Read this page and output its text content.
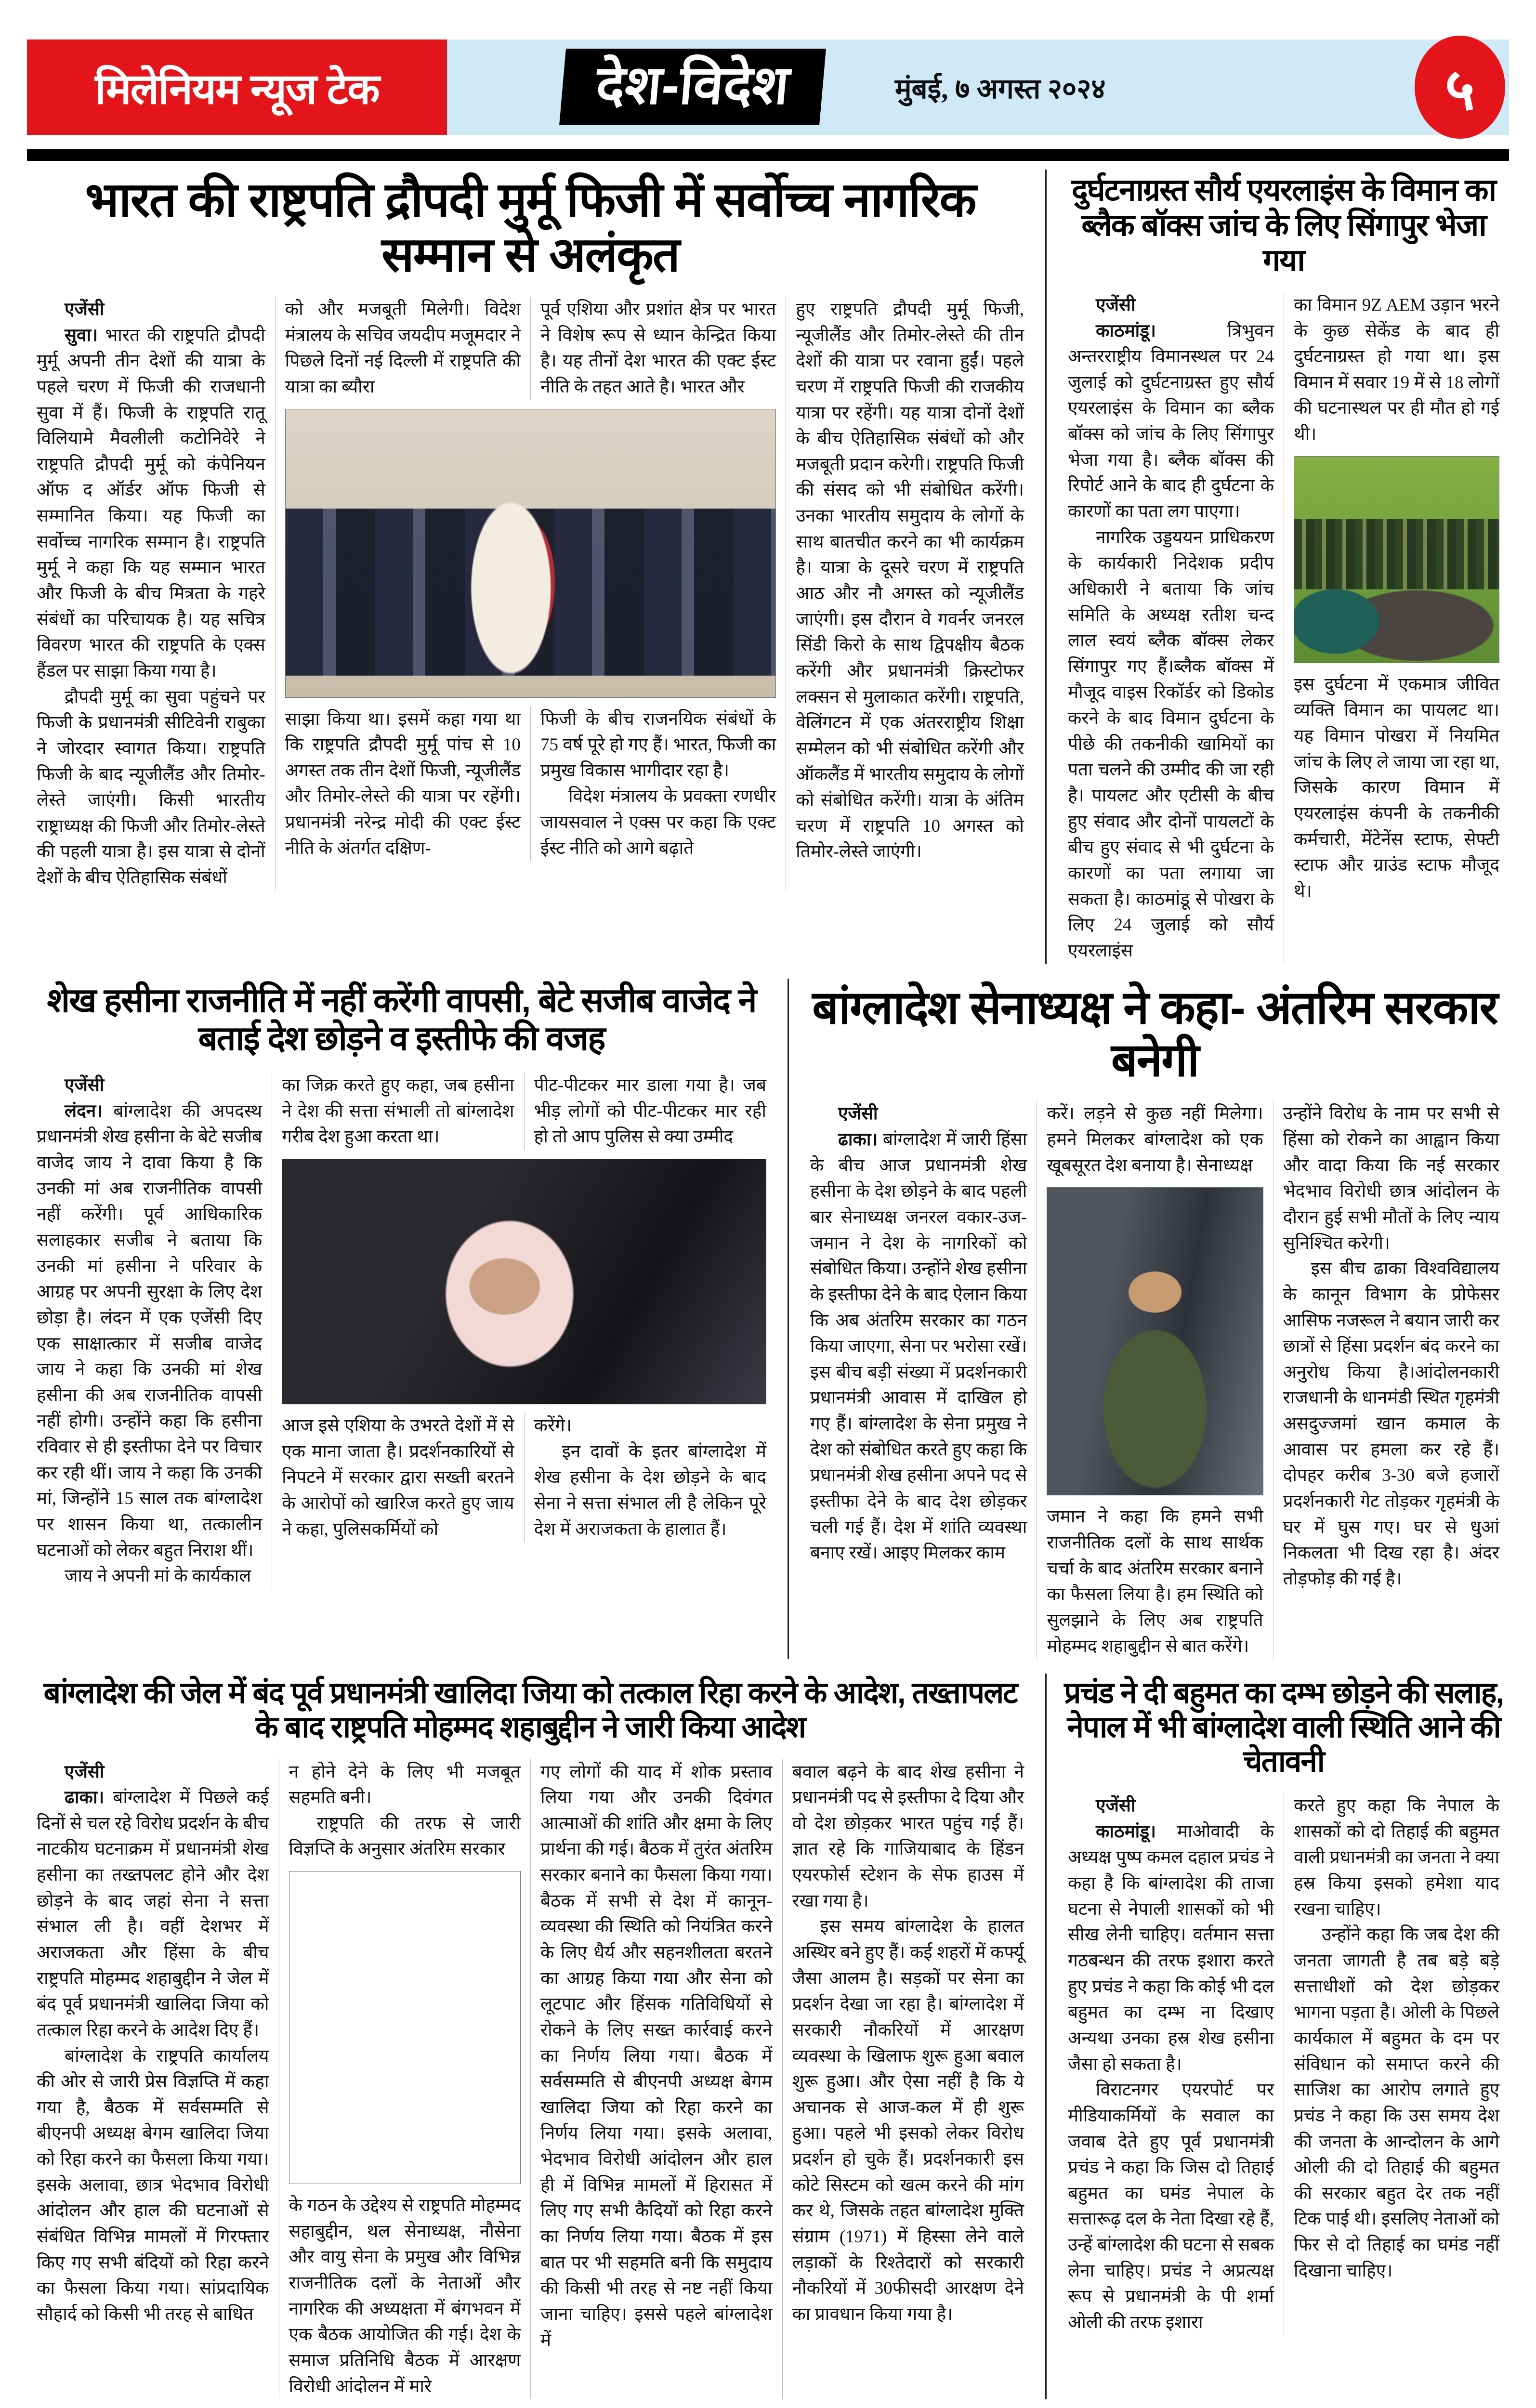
मिलेनियम न्यूज टेक	देश-विदेश	मुंबई, ७ अगस्त २०२४	५
भारत की राष्ट्रपति द्रौपदी मुर्मू फिजी में सर्वोच्च नागरिक सम्मान से अलंकृत

एजेंसी

सुवा। भारत की राष्ट्रपति द्रौपदी मुर्मू अपनी तीन देशों की यात्रा के पहले चरण में फिजी की राजधानी सुवा में हैं। फिजी के राष्ट्रपति रातू विलियामे मैवलीली कटोनिवेरे ने राष्ट्रपति द्रौपदी मुर्मू को कंपेनियन ऑफ द ऑर्डर ऑफ फिजी से सम्मानित किया। यह फिजी का सर्वोच्च नागरिक सम्मान है। राष्ट्रपति मुर्मू ने कहा कि यह सम्मान भारत और फिजी के बीच मित्रता के गहरे संबंधों का परिचायक है। यह सचित्र विवरण भारत की राष्ट्रपति के एक्स हैंडल पर साझा किया गया है।

द्रौपदी मुर्मू का सुवा पहुंचने पर फिजी के प्रधानमंत्री सीटिवेनी राबुका ने जोरदार स्वागत किया। राष्ट्रपति फिजी के बाद न्यूजीलैंड और तिमोर-लेस्ते जाएंगी। किसी भारतीय राष्ट्राध्यक्ष की फिजी और तिमोर-लेस्ते की पहली यात्रा है। इस यात्रा से दोनों देशों के बीच ऐतिहासिक संबंधों

को और मजबूती मिलेगी। विदेश मंत्रालय के सचिव जयदीप मजूमदार ने पिछले दिनों नई दिल्ली में राष्ट्रपति की यात्रा का ब्यौरा

पूर्व एशिया और प्रशांत क्षेत्र पर भारत ने विशेष रूप से ध्यान केन्द्रित किया है। यह तीनों देश भारत की एक्ट ईस्ट नीति के तहत आते है। भारत और

साझा किया था। इसमें कहा गया था कि राष्ट्रपति द्रौपदी मुर्मू पांच से 10 अगस्त तक तीन देशों फिजी, न्यूजीलैंड और तिमोर-लेस्ते की यात्रा पर रहेंगी। प्रधानमंत्री नरेन्द्र मोदी की एक्ट ईस्ट नीति के अंतर्गत दक्षिण-

फिजी के बीच राजनयिक संबंधों के 75 वर्ष पूरे हो गए हैं। भारत, फिजी का प्रमुख विकास भागीदार रहा है।

विदेश मंत्रालय के प्रवक्ता रणधीर जायसवाल ने एक्स पर कहा कि एक्ट ईस्ट नीति को आगे बढ़ाते

हुए राष्ट्रपति द्रौपदी मुर्मू फिजी, न्यूजीलैंड और तिमोर-लेस्ते की तीन देशों की यात्रा पर रवाना हुईं। पहले चरण में राष्ट्रपति फिजी की राजकीय यात्रा पर रहेंगी। यह यात्रा दोनों देशों के बीच ऐतिहासिक संबंधों को और मजबूती प्रदान करेगी। राष्ट्रपति फिजी की संसद को भी संबोधित करेंगी। उनका भारतीय समुदाय के लोगों के साथ बातचीत करने का भी कार्यक्रम है। यात्रा के दूसरे चरण में राष्ट्रपति आठ और नौ अगस्त को न्यूजीलैंड जाएंगी। इस दौरान वे गवर्नर जनरल सिंडी किरो के साथ द्विपक्षीय बैठक करेंगी और प्रधानमंत्री क्रिस्टोफर लक्सन से मुलाकात करेंगी। राष्ट्रपति, वेलिंगटन में एक अंतरराष्ट्रीय शिक्षा सम्मेलन को भी संबोधित करेंगी और ऑकलैंड में भारतीय समुदाय के लोगों को संबोधित करेंगी। यात्रा के अंतिम चरण में राष्ट्रपति 10 अगस्त को तिमोर-लेस्ते जाएंगी।

दुर्घटनाग्रस्त सौर्य एयरलाइंस के विमान का ब्लैक बॉक्स जांच के लिए सिंगापुर भेजा गया

एजेंसी

काठमांडू।	त्रिभुवन अन्तरराष्ट्रीय विमानस्थल पर 24 जुलाई को दुर्घटनाग्रस्त हुए सौर्य एयरलाइंस के विमान का ब्लैक बॉक्स को जांच के लिए सिंगापुर भेजा गया है। ब्लैक बॉक्स की रिपोर्ट आने के बाद ही दुर्घटना के कारणों का पता लग पाएगा।

नागरिक उड्डययन प्राधिकरण के कार्यकारी निदेशक प्रदीप अधिकारी ने बताया कि जांच समिति के अध्यक्ष रतीश चन्द लाल स्वयं ब्लैक बॉक्स लेकर सिंगापुर गए हैं।ब्लैक बॉक्स में मौजूद वाइस रिकॉर्डर को डिकोड करने के बाद विमान दुर्घटना के पीछे की तकनीकी खामियों का पता चलने की उम्मीद की जा रही है। पायलट और एटीसी के बीच हुए संवाद और दोनों पायलटों के बीच हुए संवाद से भी दुर्घटना के कारणों का पता लगाया जा सकता है। काठमांडू से पोखरा के लिए 24 जुलाई को सौर्य एयरलाइंस

का विमान 9Z AEM उड़ान भरने के कुछ सेकेंड के बाद ही दुर्घटनाग्रस्त हो गया था। इस विमान में सवार 19 में से 18 लोगों की घटनास्थल पर ही मौत हो गई थी।

इस दुर्घटना में एकमात्र जीवित व्यक्ति विमान का पायलट था। यह विमान पोखरा में नियमित जांच के लिए ले जाया जा रहा था, जिसके कारण विमान में एयरलाइंस कंपनी के तकनीकी कर्मचारी, मेंटेनेंस स्टाफ, सेफ्टी स्टाफ और ग्राउंड स्टाफ मौजूद थे।

शेख हसीना राजनीति में नहीं करेंगी वापसी, बेटे सजीब वाजेद ने बताई देश छोड़ने व इस्तीफे की वजह

एजेंसी

लंदन। बांग्लादेश की अपदस्थ प्रधानमंत्री शेख हसीना के बेटे सजीब वाजेद जाय ने दावा किया है कि उनकी मां अब राजनीतिक वापसी नहीं करेंगी। पूर्व आधिकारिक सलाहकार सजीब ने बताया कि उनकी मां हसीना ने परिवार के आग्रह पर अपनी सुरक्षा के लिए देश छोड़ा है। लंदन में एक एजेंसी दिए एक साक्षात्कार में सजीब वाजेद जाय ने कहा कि उनकी मां शेख हसीना की अब राजनीतिक वापसी नहीं होगी। उन्होंने कहा कि हसीना रविवार से ही इस्तीफा देने पर विचार कर रही थीं। जाय ने कहा कि उनकी मां, जिन्होंने 15 साल तक बांग्लादेश पर शासन किया था, तत्कालीन घटनाओं को लेकर बहुत निराश थीं।

जाय ने अपनी मां के कार्यकाल

का जिक्र करते हुए कहा, जब हसीना ने देश की सत्ता संभाली तो बांग्लादेश गरीब देश हुआ करता था।

पीट-पीटकर मार डाला गया है। जब भीड़ लोगों को पीट-पीटकर मार रही हो तो आप पुलिस से क्या उम्मीद

आज इसे एशिया के उभरते देशों में से एक माना जाता है। प्रदर्शनकारियों से निपटने में सरकार द्वारा सख्ती बरतने के आरोपों को खारिज करते हुए जाय ने कहा, पुलिसकर्मियों को

करेंगे।

इन दावों के इतर बांग्लादेश में शेख हसीना के देश छोड़ने के बाद सेना ने सत्ता संभाल ली है लेकिन पूरे देश में अराजकता के हालात हैं।

बांग्लादेश सेनाध्यक्ष ने कहा- अंतरिम सरकार बनेगी

एजेंसी

ढाका। बांग्लादेश में जारी हिंसा के बीच आज प्रधानमंत्री शेख हसीना के देश छोड़ने के बाद पहली बार सेनाध्यक्ष जनरल वकार-उज-जमान ने देश के नागरिकों को संबोधित किया। उन्होंने शेख हसीना के इस्तीफा देने के बाद ऐलान किया कि अब अंतरिम सरकार का गठन किया जाएगा, सेना पर भरोसा रखें। इस बीच बड़ी संख्या में प्रदर्शनकारी प्रधानमंत्री आवास में दाखिल हो गए हैं। बांग्लादेश के सेना प्रमुख ने देश को संबोधित करते हुए कहा कि प्रधानमंत्री शेख हसीना अपने पद से इस्तीफा देने के बाद देश छोड़कर चली गई हैं। देश में शांति व्यवस्था बनाए रखें। आइए मिलकर काम

करें। लड़ने से कुछ नहीं मिलेगा। हमने मिलकर बांग्लादेश को एक खूबसूरत देश बनाया है। सेनाध्यक्ष

जमान ने कहा कि हमने सभी राजनीतिक दलों के साथ सार्थक चर्चा के बाद अंतरिम सरकार बनाने का फैसला लिया है। हम स्थिति को सुलझाने के लिए अब राष्ट्रपति मोहम्मद शहाबुद्दीन से बात करेंगे।

उन्होंने विरोध के नाम पर सभी से हिंसा को रोकने का आह्वान किया और वादा किया कि नई सरकार भेदभाव विरोधी छात्र आंदोलन के दौरान हुई सभी मौतों के लिए न्याय सुनिश्चित करेगी।

इस बीच ढाका विश्वविद्यालय के कानून विभाग के प्रोफेसर आसिफ नजरूल ने बयान जारी कर छात्रों से हिंसा प्रदर्शन बंद करने का अनुरोध किया है।आंदोलनकारी राजधानी के धानमंडी स्थित गृहमंत्री असदुज्जमां खान कमाल के आवास पर हमला कर रहे हैं। दोपहर करीब 3-30 बजे हजारों प्रदर्शनकारी गेट तोड़कर गृहमंत्री के घर में घुस गए। घर से धुआं निकलता भी दिख रहा है। अंदर तोड़फोड़ की गई है।

बांग्लादेश की जेल में बंद पूर्व प्रधानमंत्री खालिदा जिया को तत्काल रिहा करने के आदेश, तख्तापलट के बाद राष्ट्रपति मोहम्मद शहाबुद्दीन ने जारी किया आदेश

एजेंसी

ढाका। बांग्लादेश में पिछले कई दिनों से चल रहे विरोध प्रदर्शन के बीच नाटकीय घटनाक्रम में प्रधानमंत्री शेख हसीना का तख्तपलट होने और देश छोड़ने के बाद जहां सेना ने सत्ता संभाल ली है। वहीं देशभर में अराजकता और हिंसा के बीच राष्ट्रपति मोहम्मद शहाबुद्दीन ने जेल में बंद पूर्व प्रधानमंत्री खालिदा जिया को तत्काल रिहा करने के आदेश दिए हैं।

बांग्लादेश के राष्ट्रपति कार्यालय की ओर से जारी प्रेस विज्ञप्ति में कहा गया है, बैठक में सर्वसम्मति से बीएनपी अध्यक्ष बेगम खालिदा जिया को रिहा करने का फैसला किया गया। इसके अलावा, छात्र भेदभाव विरोधी आंदोलन और हाल की घटनाओं से संबंधित विभिन्न मामलों में गिरफ्तार किए गए सभी बंदियों को रिहा करने का फैसला किया गया। सांप्रदायिक सौहार्द को किसी भी तरह से बाधित

न होने देने के लिए भी मजबूत सहमति बनी।

राष्ट्रपति की तरफ से जारी विज्ञप्ति के अनुसार अंतरिम सरकार

के गठन के उद्देश्य से राष्ट्रपति मोहम्मद सहाबुद्दीन, थल सेनाध्यक्ष, नौसेना और वायु सेना के प्रमुख और विभिन्न राजनीतिक दलों के नेताओं और नागरिक की अध्यक्षता में बंगभवन में एक बैठक आयोजित की गई। देश के समाज प्रतिनिधि बैठक में आरक्षण विरोधी आंदोलन में मारे

गए लोगों की याद में शोक प्रस्ताव लिया गया और उनकी दिवंगत आत्माओं की शांति और क्षमा के लिए प्रार्थना की गई। बैठक में तुरंत अंतरिम सरकार बनाने का फैसला किया गया। बैठक में सभी से देश में कानून-व्यवस्था की स्थिति को नियंत्रित करने के लिए धैर्य और सहनशीलता बरतने का आग्रह किया गया और सेना को लूटपाट और हिंसक गतिविधियों से रोकने के लिए सख्त कार्रवाई करने का निर्णय लिया गया। बैठक में सर्वसम्मति से बीएनपी अध्यक्ष बेगम खालिदा जिया को रिहा करने का निर्णय लिया गया। इसके अलावा, भेदभाव विरोधी आंदोलन और हाल ही में विभिन्न मामलों में हिरासत में लिए गए सभी कैदियों को रिहा करने का निर्णय लिया गया। बैठक में इस बात पर भी सहमति बनी कि समुदाय की किसी भी तरह से नष्ट नहीं किया जाना चाहिए। इससे पहले बांग्लादेश में

बवाल बढ़ने के बाद शेख हसीना ने प्रधानमंत्री पद से इस्तीफा दे दिया और वो देश छोड़कर भारत पहुंच गई हैं। ज्ञात रहे कि गाजियाबाद के हिंडन एयरफोर्स स्टेशन के सेफ हाउस में रखा गया है।

इस समय बांग्लादेश के हालत अस्थिर बने हुए हैं। कई शहरों में कर्फ्यू जैसा आलम है। सड़कों पर सेना का प्रदर्शन देखा जा रहा है। बांग्लादेश में सरकारी नौकरियों में आरक्षण व्यवस्था के खिलाफ शुरू हुआ बवाल शुरू हुआ। और ऐसा नहीं है कि ये अचानक से आज-कल में ही शुरू हुआ। पहले भी इसको लेकर विरोध प्रदर्शन हो चुके हैं। प्रदर्शनकारी इस कोटे सिस्टम को खत्म करने की मांग कर थे, जिसके तहत बांग्लादेश मुक्ति संग्राम (1971) में हिस्सा लेने वाले लड़ाकों के रिश्तेदारों को सरकारी नौकरियों में 30फीसदी आरक्षण देने का प्रावधान किया गया है।

प्रचंड ने दी बहुमत का दम्भ छोड़ने की सलाह, नेपाल में भी बांग्लादेश वाली स्थिति आने की चेतावनी

एजेंसी

काठमांडू। माओवादी के अध्यक्ष पुष्प कमल दहाल प्रचंड ने कहा है कि बांग्लादेश की ताजा घटना से नेपाली शासकों को भी सीख लेनी चाहिए। वर्तमान सत्ता गठबन्धन की तरफ इशारा करते हुए प्रचंड ने कहा कि कोई भी दल बहुमत का दम्भ ना दिखाए अन्यथा उनका हस्र शेख हसीना जैसा हो सकता है।

विराटनगर एयरपोर्ट पर मीडियाकर्मियों के सवाल का जवाब देते हुए पूर्व प्रधानमंत्री प्रचंड ने कहा कि जिस दो तिहाई बहुमत का घमंड नेपाल के सत्तारूढ़ दल के नेता दिखा रहे हैं, उन्हें बांग्लादेश की घटना से सबक लेना चाहिए। प्रचंड ने अप्रत्यक्ष रूप से प्रधानमंत्री के पी शर्मा ओली की तरफ इशारा

करते हुए कहा कि नेपाल के शासकों को दो तिहाई की बहुमत वाली प्रधानमंत्री का जनता ने क्या हस्र किया इसको हमेशा याद रखना चाहिए।

उन्होंने कहा कि जब देश की जनता जागती है तब बड़े बड़े सत्ताधीशों को देश छोड़कर भागना पड़ता है। ओली के पिछले कार्यकाल में बहुमत के दम पर संविधान को समाप्त करने की साजिश का आरोप लगाते हुए प्रचंड ने कहा कि उस समय देश की जनता के आन्दोलन के आगे ओली की दो तिहाई की बहुमत की सरकार बहुत देर तक नहीं टिक पाई थी। इसलिए नेताओं को फिर से दो तिहाई का घमंड नहीं दिखाना चाहिए।
